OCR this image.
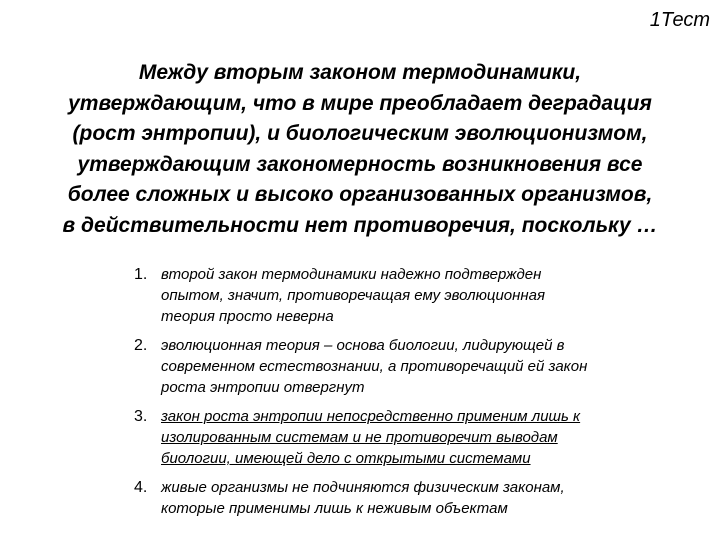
1Тест
Между вторым законом термодинамики,
утверждающим, что в мире преобладает деградация
(рост энтропии), и биологическим эволюционизмом,
утверждающим закономерность возникновения все
более сложных и высоко организованных организмов,
в действительности нет противоречия, поскольку …
1. второй закон термодинамики надежно подтвержден
опытом, значит, противоречащая ему эволюционная
теория просто неверна
2. эволюционная теория – основа биологии, лидирующей в
современном естествознании, а противоречащий ей закон
роста энтропии отвергнут
3. закон роста энтропии непосредственно применим лишь к
изолированным системам и не противоречит выводам
биологии, имеющей дело с открытыми системами
4. живые организмы не подчиняются физическим законам,
которые применимы лишь к неживым объектам
